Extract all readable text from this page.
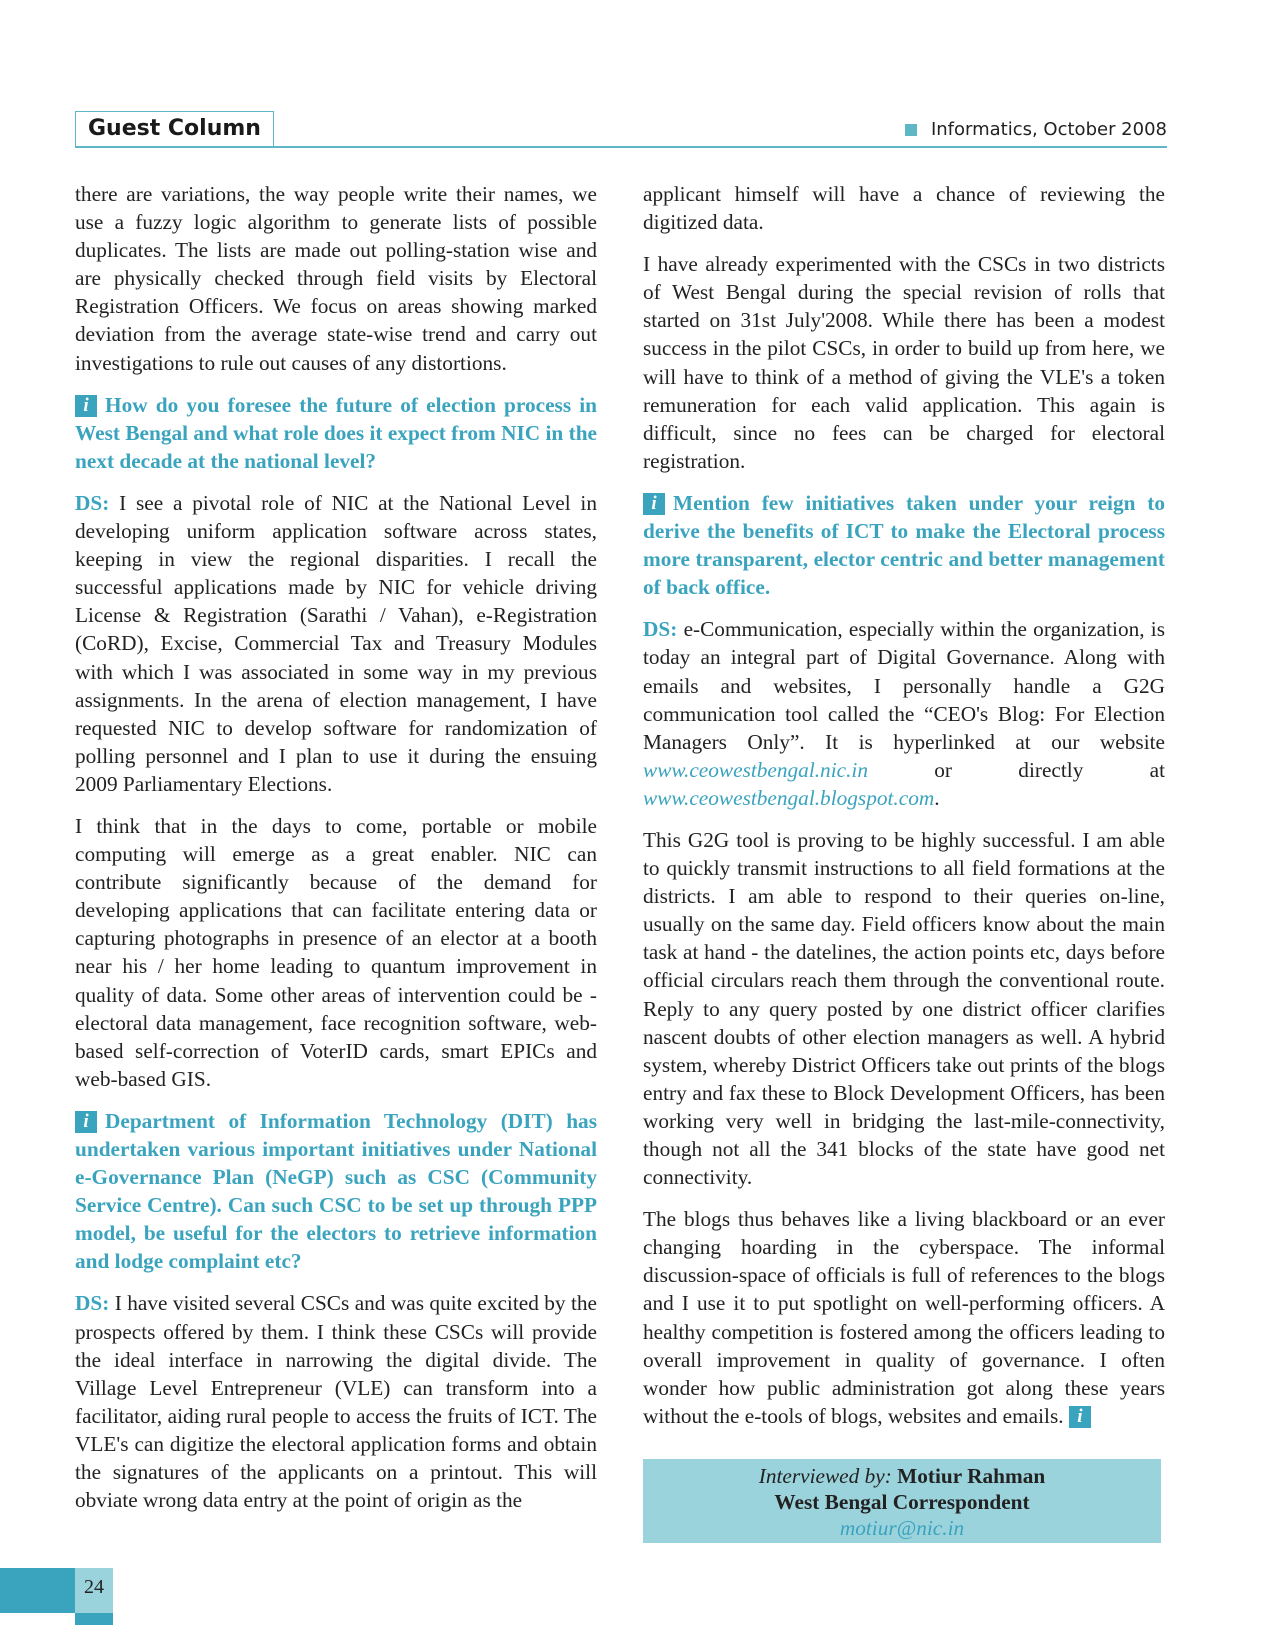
Guest Column	Informatics, October 2008

there are variations, the way people write their names, we use a fuzzy logic algorithm to generate lists of possible duplicates. The lists are made out polling-station wise and are physically checked through field visits by Electoral Registration Officers. We focus on areas showing marked deviation from the average state-wise trend and carry out investigations to rule out causes of any distortions.

i How do you foresee the future of election process in West Bengal and what role does it expect from NIC in the next decade at the national level?

DS: I see a pivotal role of NIC at the National Level in developing uniform application software across states, keeping in view the regional disparities. I recall the successful applications made by NIC for vehicle driving License & Registration (Sarathi / Vahan), e-Registration (CoRD), Excise, Commercial Tax and Treasury Modules with which I was associated in some way in my previous assignments. In the arena of election management, I have requested NIC to develop software for randomization of polling personnel and I plan to use it during the ensuing 2009 Parliamentary Elections.

I think that in the days to come, portable or mobile computing will emerge as a great enabler. NIC can contribute significantly because of the demand for developing applications that can facilitate entering data or capturing photographs in presence of an elector at a booth near his / her home leading to quantum improvement in quality of data. Some other areas of intervention could be - electoral data management, face recognition software, web-based self-correction of VoterID cards, smart EPICs and web-based GIS.

i Department of Information Technology (DIT) has undertaken various important initiatives under National e-Governance Plan (NeGP) such as CSC (Community Service Centre). Can such CSC to be set up through PPP model, be useful for the electors to retrieve information and lodge complaint etc?

DS: I have visited several CSCs and was quite excited by the prospects offered by them. I think these CSCs will provide the ideal interface in narrowing the digital divide. The Village Level Entrepreneur (VLE) can transform into a facilitator, aiding rural people to access the fruits of ICT. The VLE's can digitize the electoral application forms and obtain the signatures of the applicants on a printout. This will obviate wrong data entry at the point of origin as the

applicant himself will have a chance of reviewing the digitized data.

I have already experimented with the CSCs in two districts of West Bengal during the special revision of rolls that started on 31st July'2008. While there has been a modest success in the pilot CSCs, in order to build up from here, we will have to think of a method of giving the VLE's a token remuneration for each valid application. This again is difficult, since no fees can be charged for electoral registration.

i Mention few initiatives taken under your reign to derive the benefits of ICT to make the Electoral process more transparent, elector centric and better management of back office.

DS: e-Communication, especially within the organization, is today an integral part of Digital Governance. Along with emails and websites, I personally handle a G2G communication tool called the “CEO's Blog: For Election Managers Only”. It is hyperlinked at our website www.ceowestbengal.nic.in	or directly at www.ceowestbengal.blogspot.com.

This G2G tool is proving to be highly successful. I am able to quickly transmit instructions to all field formations at the districts. I am able to respond to their queries on-line, usually on the same day. Field officers know about the main task at hand - the datelines, the action points etc, days before official circulars reach them through the conventional route. Reply to any query posted by one district officer clarifies nascent doubts of other election managers as well. A hybrid system, whereby District Officers take out prints of the blogs entry and fax these to Block Development Officers, has been working very well in bridging the last-mile-connectivity, though not all the 341 blocks of the state have good net connectivity.

The blogs thus behaves like a living blackboard or an ever changing hoarding in the cyberspace. The informal discussion-space of officials is full of references to the blogs and I use it to put spotlight on well-performing officers. A healthy competition is fostered among the officers leading to overall improvement in quality of governance. I often wonder how public administration got along these years without the e-tools of blogs, websites and emails. i

Interviewed by: Motiur Rahman
West Bengal Correspondent
motiur@nic.in
24
